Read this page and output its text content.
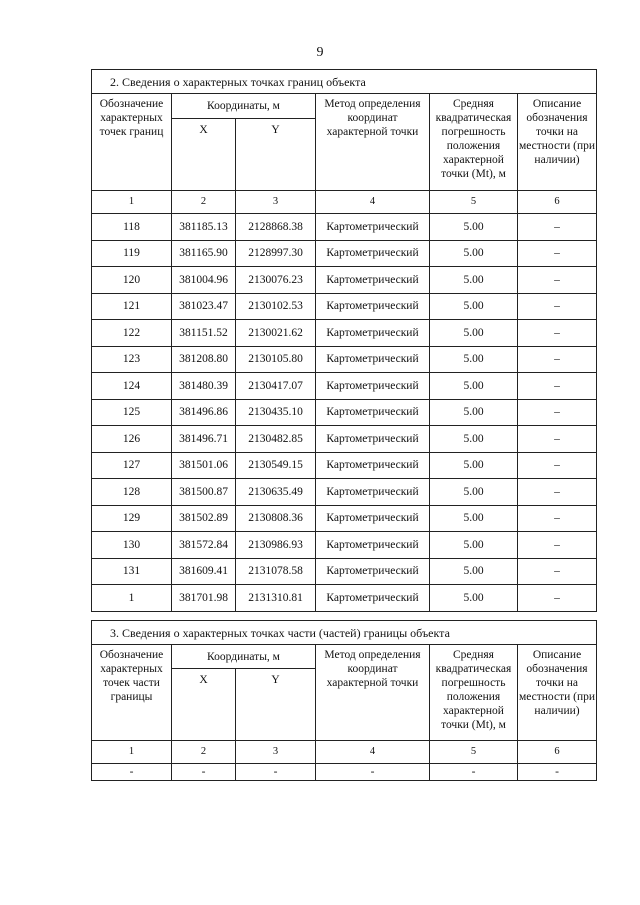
9
2. Сведения о характерных точках границ объекта					
Обозначение характерных точек границ	Координаты, м		Метод определения координат характерной точки	Средняя квадратическая погрешность положения характерной точки (Mt), м	Описание обозначения точки на местности (при наличии)
	X	Y			
1	2	3	4	5	6
118	381185.13	2128868.38	Картометрический	5.00	–
119	381165.90	2128997.30	Картометрический	5.00	–
120	381004.96	2130076.23	Картометрический	5.00	–
121	381023.47	2130102.53	Картометрический	5.00	–
122	381151.52	2130021.62	Картометрический	5.00	–
123	381208.80	2130105.80	Картометрический	5.00	–
124	381480.39	2130417.07	Картометрический	5.00	–
125	381496.86	2130435.10	Картометрический	5.00	–
126	381496.71	2130482.85	Картометрический	5.00	–
127	381501.06	2130549.15	Картометрический	5.00	–
128	381500.87	2130635.49	Картометрический	5.00	–
129	381502.89	2130808.36	Картометрический	5.00	–
130	381572.84	2130986.93	Картометрический	5.00	–
131	381609.41	2131078.58	Картометрический	5.00	–
1	381701.98	2131310.81	Картометрический	5.00	–
3. Сведения о характерных точках части (частей) границы объекта					
Обозначение характерных точек части границы	Координаты, м		Метод определения координат характерной точки	Средняя квадратическая погрешность положения характерной точки (Mt), м	Описание обозначения точки на местности (при наличии)
	X	Y			
1	2	3	4	5	6
-	-	-	-	-	-
